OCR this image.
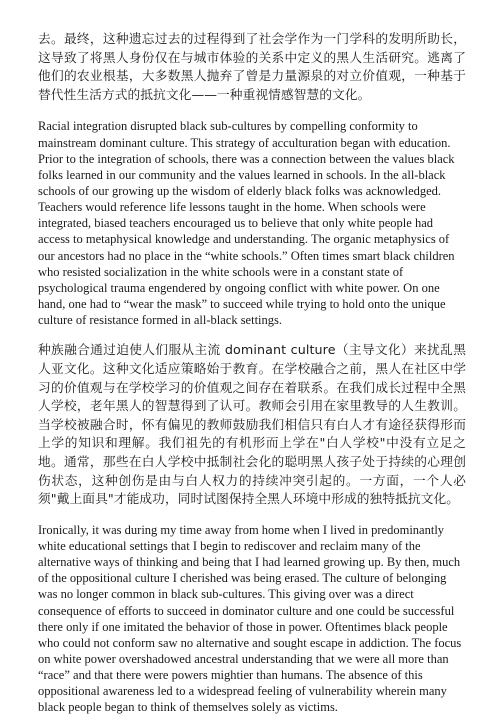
去。最终，这种遗忘过去的过程得到了社会学作为一门学科的发明所助长，这导致了将黑人身份仅在与城市体验的关系中定义的黑人生活研究。逃离了他们的农业根基，大多数黑人抛弃了曾是力量源泉的对立价值观，一种基于替代性生活方式的抵抗文化——一种重视情感智慧的文化。

Racial integration disrupted black sub-cultures by compelling conformity to mainstream dominant culture. This strategy of acculturation began with education. Prior to the integration of schools, there was a connection between the values black folks learned in our community and the values learned in schools. In the all-black schools of our growing up the wisdom of elderly black folks was acknowledged. Teachers would reference life lessons taught in the home. When schools were integrated, biased teachers encouraged us to believe that only white people had access to metaphysical knowledge and understanding. The organic metaphysics of our ancestors had no place in the “white schools.” Often times smart black children who resisted socialization in the white schools were in a constant state of psychological trauma engendered by ongoing conflict with white power. On one hand, one had to “wear the mask” to succeed while trying to hold onto the unique culture of resistance formed in all-black settings.

种族融合通过迫使人们服从主流 dominant culture（主导文化）来扰乱黑人亚文化。这种文化适应策略始于教育。在学校融合之前，黑人在社区中学习的价值观与在学校学习的价值观之间存在着联系。在我们成长过程中全黑人学校，老年黑人的智慧得到了认可。教师会引用在家里教导的人生教训。当学校被融合时，怀有偏见的教师鼓励我们相信只有白人才有途径获得形而上学的知识和理解。我们祖先的有机形而上学在"白人学校"中没有立足之地。通常，那些在白人学校中抵制社会化的聪明黑人孩子处于持续的心理创伤状态，这种创伤是由与白人权力的持续冲突引起的。一方面，一个人必须"戴上面具"才能成功，同时试图保持全黑人环境中形成的独特抵抗文化。

Ironically, it was during my time away from home when I lived in predominantly white educational settings that I begin to rediscover and reclaim many of the alternative ways of thinking and being that I had learned growing up. By then, much of the oppositional culture I cherished was being erased. The culture of belonging was no longer common in black sub-cultures. This giving over was a direct consequence of efforts to succeed in dominator culture and one could be successful there only if one imitated the behavior of those in power. Oftentimes black people who could not conform saw no alternative and sought escape in addiction. The focus on white power overshadowed ancestral understanding that we were all more than “race” and that there were powers mightier than humans. The absence of this oppositional awareness led to a widespread feeling of vulnerability wherein many black people began to think of themselves solely as victims.
